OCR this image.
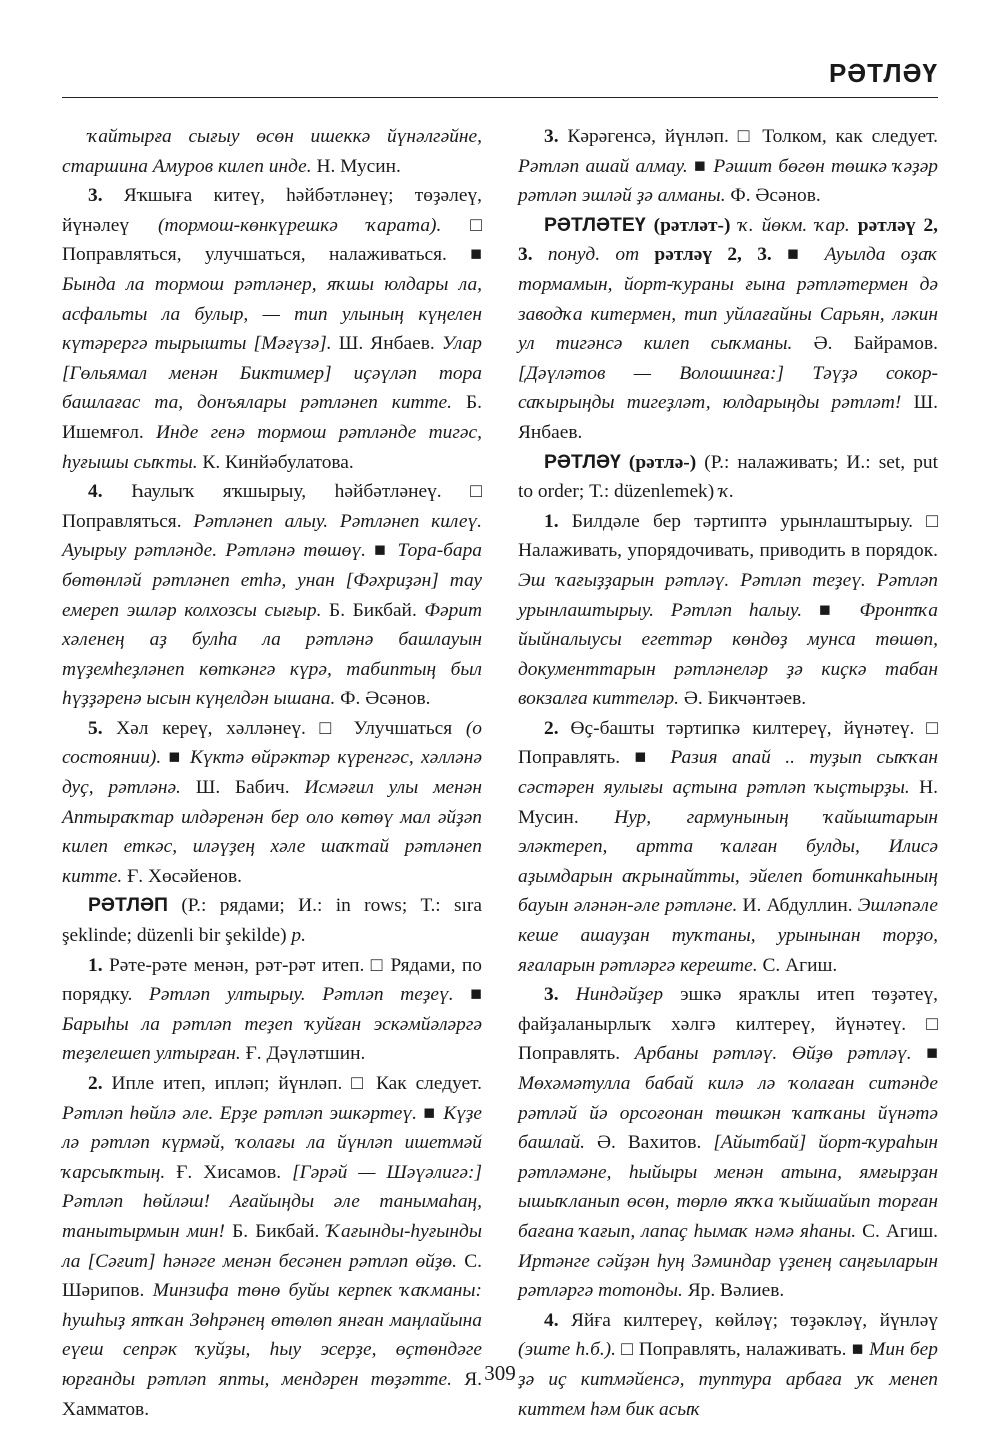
РӘТЛӘҮ

ҡайтырға сығыу өсөн ишеккә йүнәлгәйне, старшина Амуров килеп инде. Н. Мусин.

3. Яҡшыға китеү, һәйбәтләнеү; төҙәлеү, йүнәлеү (тормош-көнкүрешкә ҡарата). □ Поправляться, улучшаться, налаживаться. ■ Бында ла тормош рәтләнер, яҡшы юлдары ла, асфальты ла булыр, — тип улының күңелен күтәрергә тырышты [Мәғүзә]. Ш. Янбаев. Улар [Гөльямал менән Биктимер] иҫәүләп тора башлағас та, донъялары рәтләнеп китте. Б. Ишемғол. Инде генә тормош рәтләнде тигәс, һуғышы сыҡты. К. Кинйәбулатова.

4. Һаулыҡ яҡшырыу, һәйбәтләнеү. □ Поправляться. Рәтләнеп алыу. Рәтләнеп килеү. Ауырыу рәтләнде. Рәтләнә төшөү. ■ Тора-бара бөтөнләй рәтләнеп етһә, унан [Фәхриҙән] тау емереп эшләр колхозсы сығыр. Б. Бикбай. Фәрит хәленең аҙ булһа ла рәтләнә башлауын түҙемһеҙләнеп көткәнгә күрә, табиптың был һүҙҙәренә ысын күңелдән ышана. Ф. Әсәнов.

5. Хәл кереү, хәлләнеү. □ Улучшаться (о состоянии). ■ Күктә өйрәктәр күренгәс, хәлләнә дуҫ, рәтләнә. Ш. Бабич. Исмәғил улы менән Аптыраҡтар илдәренән бер оло көтөү мал әйҙәп килеп еткәс, иләүҙең хәле шаҡтай рәтләнеп китте. Ғ. Хөсәйенов.

РӘТЛӘП (Р.: рядами; И.: in rows; Т.: sıra şeklinde; düzenli bir şekilde) р.

1. Рәте-рәте менән, рәт-рәт итеп. □ Рядами, по порядку. Рәтләп ултырыу. Рәтләп теҙеү. ■ Барыһы ла рәтләп теҙеп ҡуйған эскәмйәләргә теҙелешеп ултырған. Ғ. Дәүләтшин.

2. Ипле итеп, ипләп; йүнләп. □ Как следует. Рәтләп һөйлә әле. Ерҙе рәтләп эшкәртеү. ■ Күҙе лә рәтләп күрмәй, ҡолағы ла йүнләп ишетмәй ҡарсыҡтың. Ғ. Хисамов. [Гәрәй — Шәүәлигә:] Рәтләп һөйләш! Ағайыңды әле танымаһаң, танытырмын мин! Б. Бикбай. Ҡағынды-һуғынды ла [Сәғит] һәнәге менән бесәнен рәтләп өйҙө. С. Шәрипов. Минзифа төнө буйы керпек ҡаҡманы: һушһыҙ ятҡан Зөһрәнең өтөлөп янған маңлайына еүеш сепрәк ҡуйҙы, һыу эсерҙе, өҫтөндәге юрғанды рәтләп япты, мендәрен төҙәтте. Я. Хамматов.

3. Кәрәгенсә, йүнләп. □ Толком, как следует. Рәтләп ашай алмау. ■ Рәшит бөгөн төшкә ҡәҙәр рәтләп эшләй ҙә алманы. Ф. Әсәнов.

РӘТЛӘТЕҮ (рәтләт-) ҡ. йөкм. ҡар. рәтләү 2, 3. понуд. от рәтләү 2, 3. ■ Ауылда оҙаҡ тормамын, йорт-ҡураны ғына рәтләтермен дә заводҡа китермен, тип уйлағайны Сарьян, ләкин ул тигәнсә килеп сыҡманы. Ә. Байрамов. [Дәүләтов — Волошинға:] Тәүҙә сокор-саҡырыңды тигеҙләт, юлдарыңды рәтләт! Ш. Янбаев.

РӘТЛӘҮ (рәтлә-) (Р.: налаживать; И.: set, put to order; Т.: düzenlemek) ҡ.

1. Билдәле бер тәртиптә урынлаштырыу. □ Налаживать, упорядочивать, приводить в порядок. Эш ҡағыҙҙарын рәтләү. Рәтләп теҙеү. Рәтләп урынлаштырыу. Рәтләп һалыу. ■ Фронтҡа йыйналыусы егеттәр көндөҙ мунса төшөп, документтарын рәтләнеләр ҙә киҫкә табан вокзалға киттеләр. Ә. Бикчәнтәев.

2. Өҫ-башты тәртипкә килтереү, йүнәтеү. □ Поправлять. ■ Разия апай .. туҙып сыҡҡан сәстәрен яулығы аҫтына рәтләп ҡыҫтырҙы. Н. Мусин. Нур, гармунының ҡайыштарын эләктереп, артта ҡалған булды, Илисә аҙымдарын аҡрынайтты, эйелеп ботинкаһының бауын әләнән-әле рәтләне. И. Абдуллин. Эшләпәле кеше ашауҙан туҡтаны, урынынан торҙо, яғаларын рәтләргә кереште. С. Агиш.

3. Ниндәйҙер эшкә яраҡлы итеп төҙәтеү, файҙаланырлыҡ хәлгә килтереү, йүнәтеү. □ Поправлять. Арбаны рәтләү. Өйҙө рәтләү. ■ Мөхәмәтулла бабай килә лә ҡолаған ситәнде рәтләй йә орсоғонан төшкән ҡапҡаны йүнәтә башлай. Ә. Вахитов. [Айытбай] йорт-ҡураһын рәтләмәне, һыйыры менән атына, ямғырҙан ышыҡланып өсөн, төрлө яҡҡа ҡыйшайып торған бағана ҡағып, лапаҫ һымаҡ нәмә яһаны. С. Агиш. Иртәнге сәйҙән һуң Зәминдар үҙенең саңғыларын рәтләргә тотонды. Яр. Вәлиев.

4. Яйға килтереү, көйләү; төҙәкләү, йүнләү (эште һ.б.). □ Поправлять, налаживать. ■ Мин бер ҙә иҫ китмәйенсә, туптура арбаға уҡ менеп киттем һәм бик асыҡ

309
